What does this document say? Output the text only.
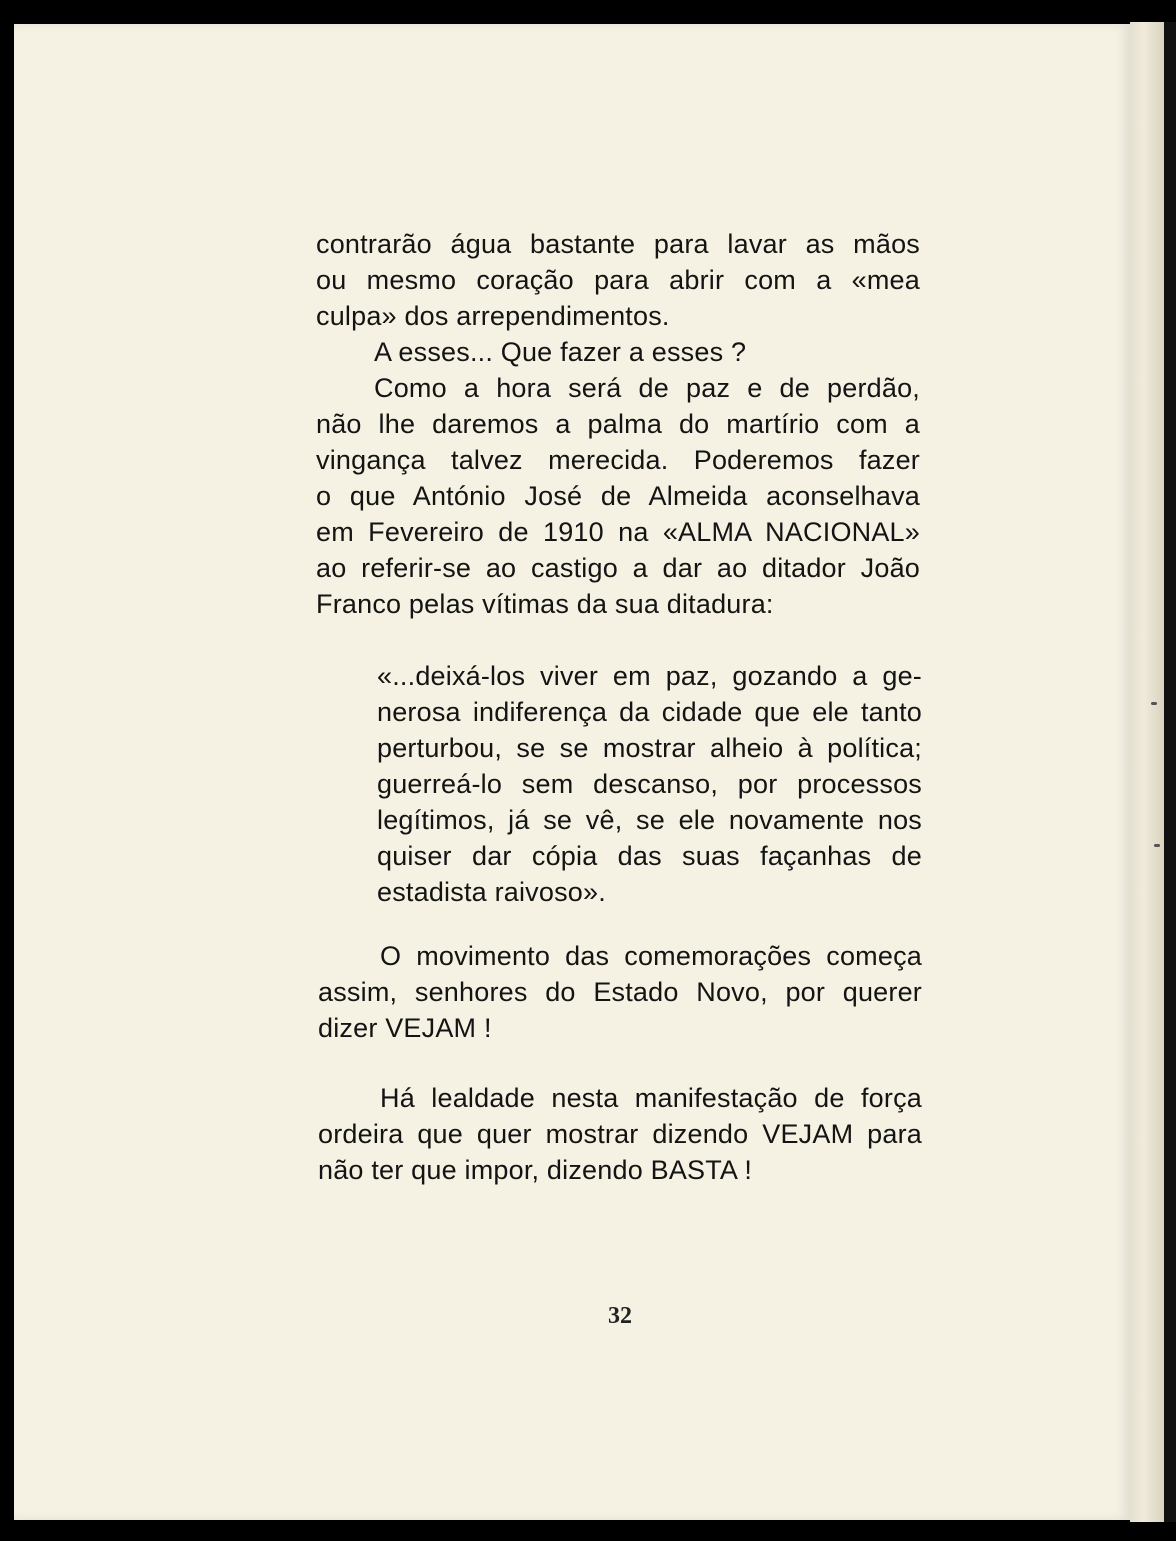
contrarão água bastante para lavar as mãos
ou mesmo coração para abrir com a «mea
culpa» dos arrependimentos.
A esses... Que fazer a esses ?
Como a hora será de paz e de perdão,
não lhe daremos a palma do martírio com a
vingança talvez merecida. Poderemos fazer
o que António José de Almeida aconselhava
em Fevereiro de 1910 na «ALMA NACIONAL»
ao referir-se ao castigo a dar ao ditador João
Franco pelas vítimas da sua ditadura:
«...deixá-los viver em paz, gozando a ge-
nerosa indiferença da cidade que ele tanto
perturbou, se se mostrar alheio à política;
guerreá-lo sem descanso, por processos
legítimos, já se vê, se ele novamente nos
quiser dar cópia das suas façanhas de
estadista raivoso».
O movimento das comemorações começa
assim, senhores do Estado Novo, por querer
dizer VEJAM !
Há lealdade nesta manifestação de força
ordeira que quer mostrar dizendo VEJAM para
não ter que impor, dizendo BASTA !
32
